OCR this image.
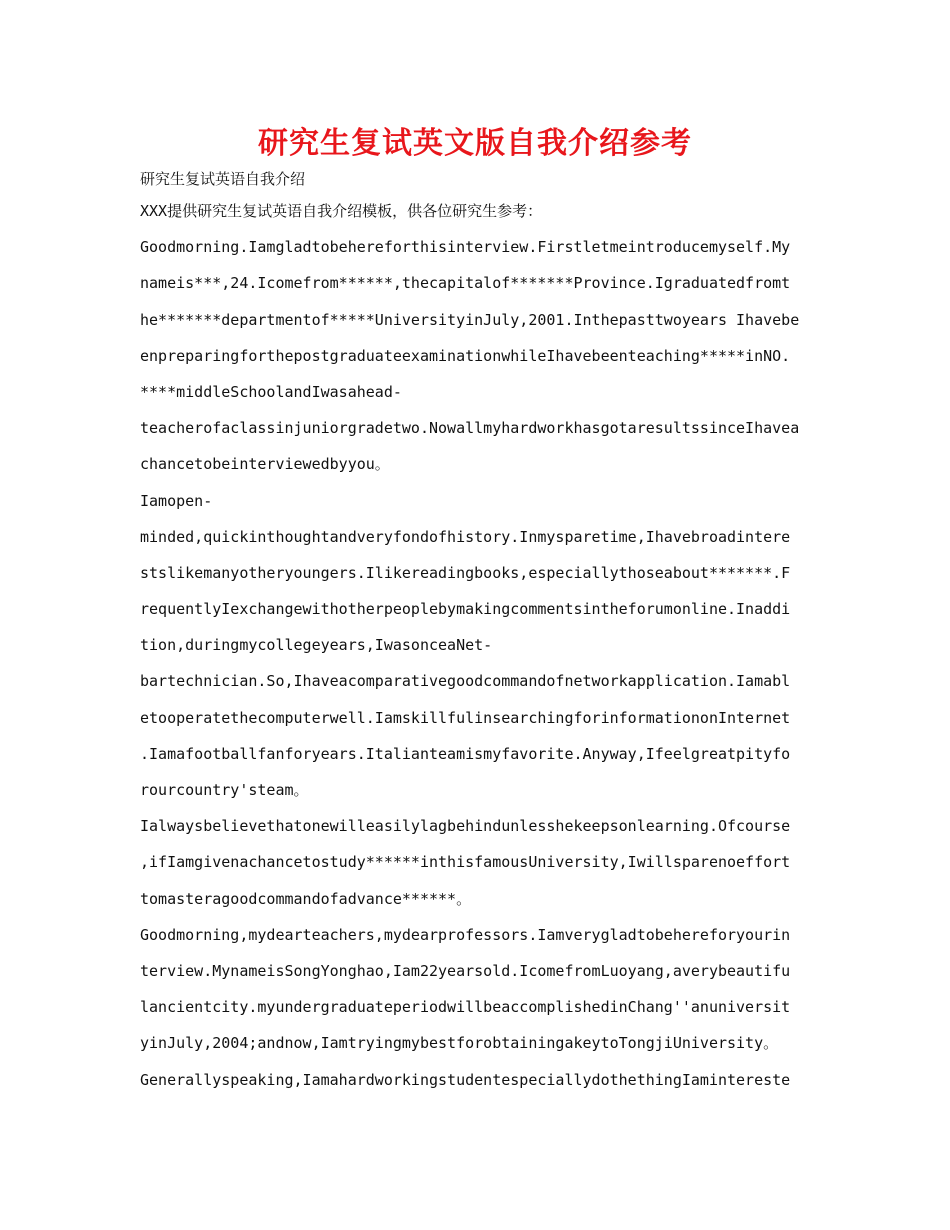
研究生复试英文版自我介绍参考
研究生复试英语自我介绍
XXX提供研究生复试英语自我介绍模板，供各位研究生参考：
Goodmorning.Iamgladtobehereforthisinterview.Firstletmeintroducemyself.My
nameis***,24.Icomefrom******,thecapitalof*******Province.Igraduatedfromt
he*******departmentof*****UniversityinJuly,2001.Inthepasttwoyears Ihavebe
enpreparingforthepostgraduateexaminationwhileIhavebeenteaching*****inNO.
****middleSchoolandIwasahead-
teacherofaclassinjuniorgradetwo.NowallmyhardworkhasgotaresultssinceIhavea
chancetobeinterviewedbyyou。
Iamopen-
minded,quickinthoughtandveryfondofhistory.Inmysparetime,Ihavebroadintere
stslikemanyotheryoungers.Ilikereadingbooks,especiallythoseabout*******.F
requentlyIexchangewithotherpeoplebymakingcommentsintheforumonline.Inaddi
tion,duringmycollegeyears,IwasonceaNet-
bartechnician.So,Ihaveacomparativegoodcommandofnetworkapplication.Iamabl
etooperatethecomputerwell.IamskillfulinsearchingforinformationonInternet
.Iamafootballfanforyears.Italianteamismyfavorite.Anyway,Ifeelgreatpityfo
rourcountry'steam。
Ialwaysbelievethatonewilleasilylagbehindunlesshekeepsonlearning.Ofcourse
,ifIamgivenachancetostudy******inthisfamousUniversity,Iwillsparenoeffort
tomasteragoodcommandofadvance******。
Goodmorning,mydearteachers,mydearprofessors.Iamverygladtobehereforyourin
terview.MynameisSongYonghao,Iam22yearsold.IcomefromLuoyang,averybeautifu
lancientcity.myundergraduateperiodwillbeaccomplishedinChang''anuniversit
yinJuly,2004;andnow,IamtryingmybestforobtainingakeytoTongjiUniversity。
Generallyspeaking,IamahardworkingstudentespeciallydothethingIamintereste
